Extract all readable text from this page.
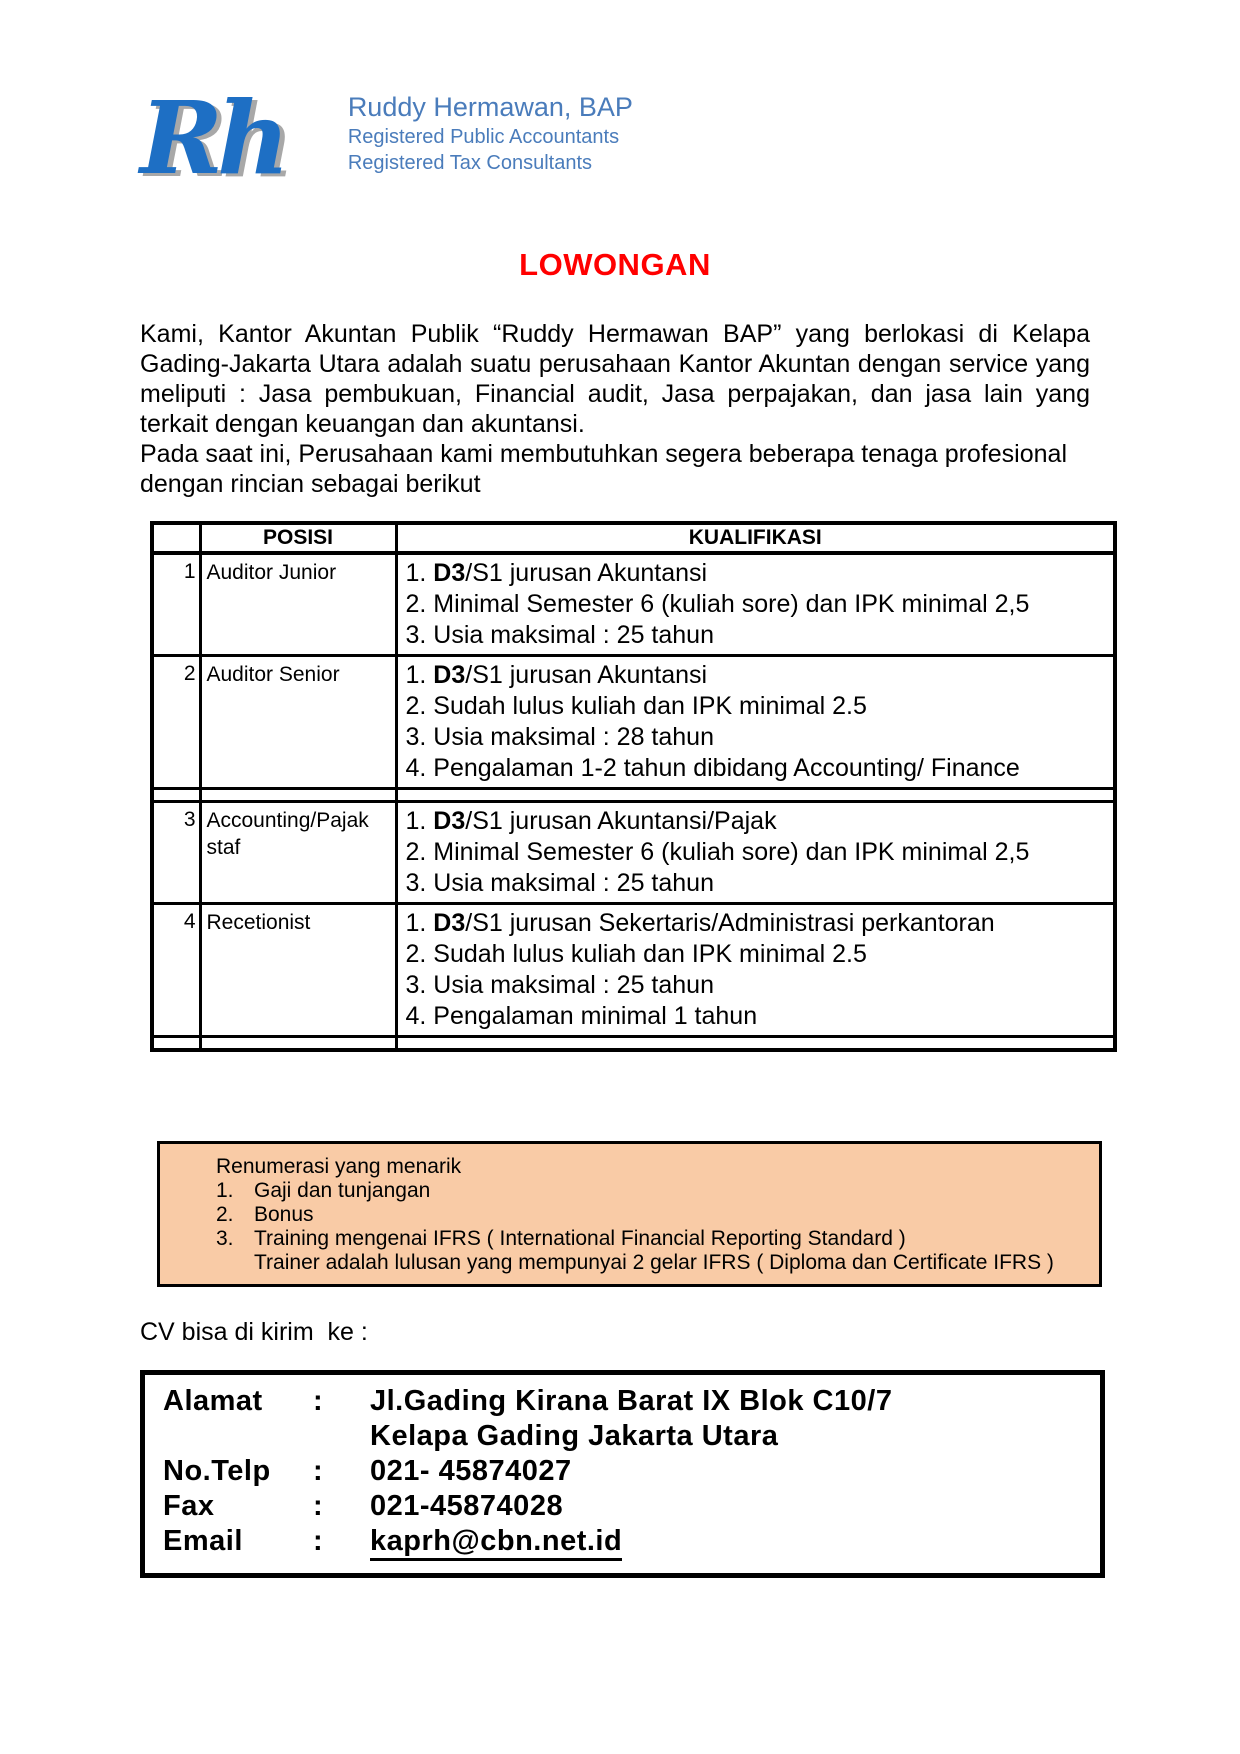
Rh Ruddy Hermawan, BAP
Registered Public Accountants
Registered Tax Consultants
LOWONGAN

Kami, Kantor Akuntan Publik “Ruddy Hermawan BAP” yang berlokasi di Kelapa Gading-Jakarta Utara adalah suatu perusahaan Kantor Akuntan dengan service yang meliputi : Jasa pembukuan, Financial audit, Jasa perpajakan, dan jasa lain yang terkait dengan keuangan dan akuntansi.

Pada saat ini, Perusahaan kami membutuhkan segera beberapa tenaga profesional dengan rincian sebagai berikut

	POSISI	KUALIFIKASI
1	Auditor Junior	1. D3/S1 jurusan Akuntansi
2. Minimal Semester 6 (kuliah sore) dan IPK minimal 2,5
3. Usia maksimal : 25 tahun

2	Auditor Senior	1. D3/S1 jurusan Akuntansi
2. Sudah lulus kuliah dan IPK minimal 2.5
3. Usia maksimal : 28 tahun
4. Pengalaman 1-2 tahun dibidang Accounting/ Finance

3	Accounting/Pajak staf	1. D3/S1 jurusan Akuntansi/Pajak
2. Minimal Semester 6 (kuliah sore) dan IPK minimal 2,5
3. Usia maksimal : 25 tahun

4	Recetionist	1. D3/S1 jurusan Sekertaris/Administrasi perkantoran
2. Sudah lulus kuliah dan IPK minimal 2.5
3. Usia maksimal : 25 tahun
4. Pengalaman minimal 1 tahun

Renumerasi yang menarik
1. Gaji dan tunjangan
2. Bonus
3. Training mengenai IFRS ( International Financial Reporting Standard )
Trainer adalah lulusan yang mempunyai 2 gelar IFRS ( Diploma dan Certificate IFRS )

CV bisa di kirim  ke :

Alamat	:	Jl.Gading Kirana Barat IX Blok C10/7
Kelapa Gading Jakarta Utara
No.Telp	:	021- 45874027
Fax	:	021-45874028
Email	:	kaprh@cbn.net.id
